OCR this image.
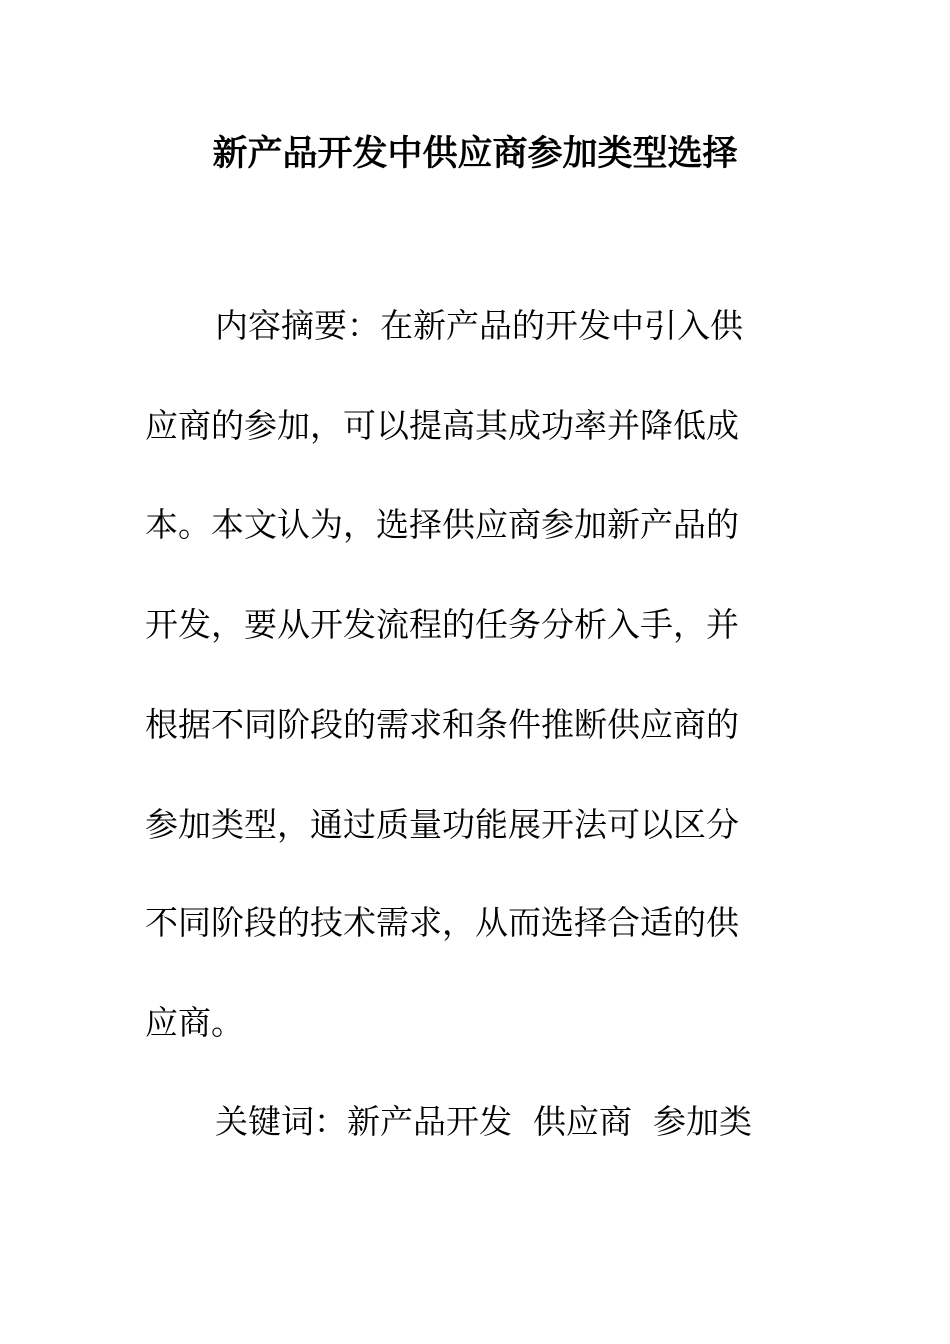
新产品开发中供应商参加类型选择
内容摘要：在新产品的开发中引入供
应商的参加，可以提高其成功率并降低成
本。本文认为，选择供应商参加新产品的
开发，要从开发流程的任务分析入手，并
根据不同阶段的需求和条件推断供应商的
参加类型，通过质量功能展开法可以区分
不同阶段的技术需求，从而选择合适的供
应商。
关键词：新产品开发  供应商  参加类
